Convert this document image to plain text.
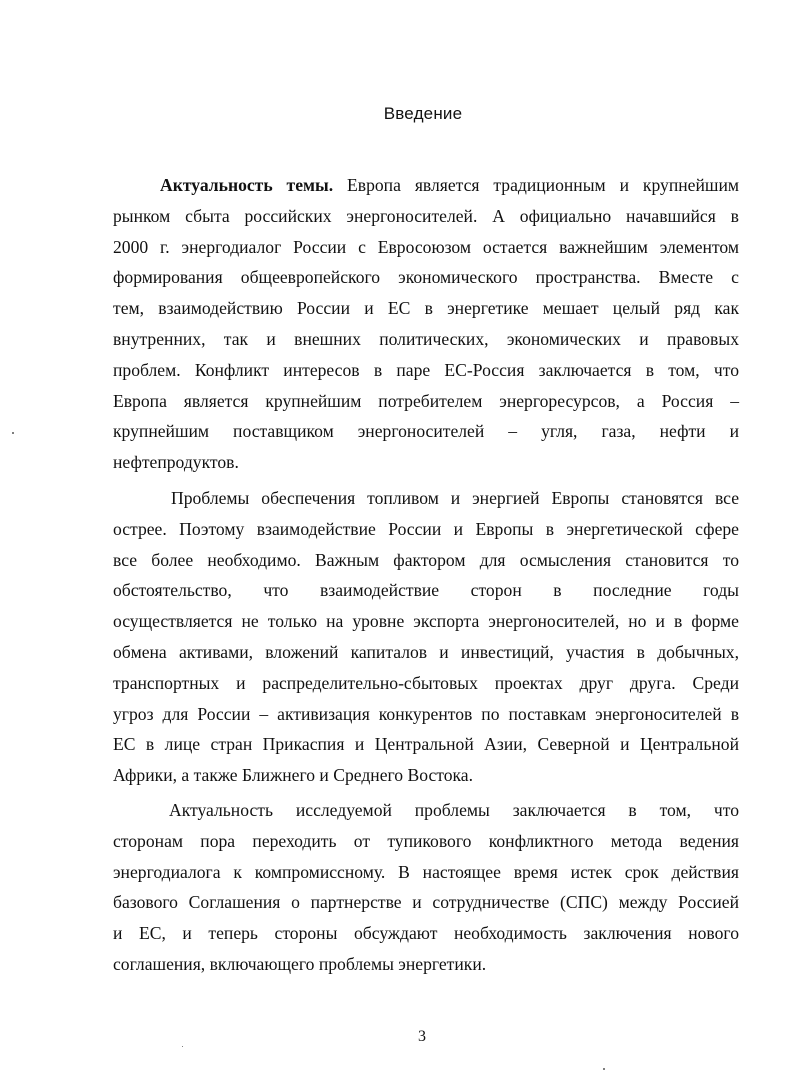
Введение
Актуальность темы. Европа является традиционным и крупнейшим
рынком сбыта российских энергоносителей. А официально начавшийся в
2000 г. энергодиалог России с Евросоюзом остается важнейшим элементом
формирования общеевропейского экономического пространства. Вместе с
тем, взаимодействию России и ЕС в энергетике мешает целый ряд как
внутренних, так и внешних политических, экономических и правовых
проблем. Конфликт интересов в паре ЕС-Россия заключается в том, что
Европа является крупнейшим потребителем энергоресурсов, а Россия –
крупнейшим поставщиком энергоносителей – угля, газа, нефти и
нефтепродуктов.
Проблемы обеспечения топливом и энергией Европы становятся все
острее. Поэтому взаимодействие России и Европы в энергетической сфере
все более необходимо. Важным фактором для осмысления становится то
обстоятельство, что взаимодействие сторон в последние годы
осуществляется не только на уровне экспорта энергоносителей, но и в форме
обмена активами, вложений капиталов и инвестиций, участия в добычных,
транспортных и распределительно-сбытовых проектах друг друга. Среди
угроз для России – активизация конкурентов по поставкам энергоносителей в
ЕС в лице стран Прикаспия и Центральной Азии, Северной и Центральной
Африки, а также Ближнего и Среднего Востока.
Актуальность исследуемой проблемы заключается в том, что
сторонам пора переходить от тупикового конфликтного метода ведения
энергодиалога к компромиссному. В настоящее время истек срок действия
базового Соглашения о партнерстве и сотрудничестве (СПС) между Россией
и ЕС, и теперь стороны обсуждают необходимость заключения нового
соглашения, включающего проблемы энергетики.
3
